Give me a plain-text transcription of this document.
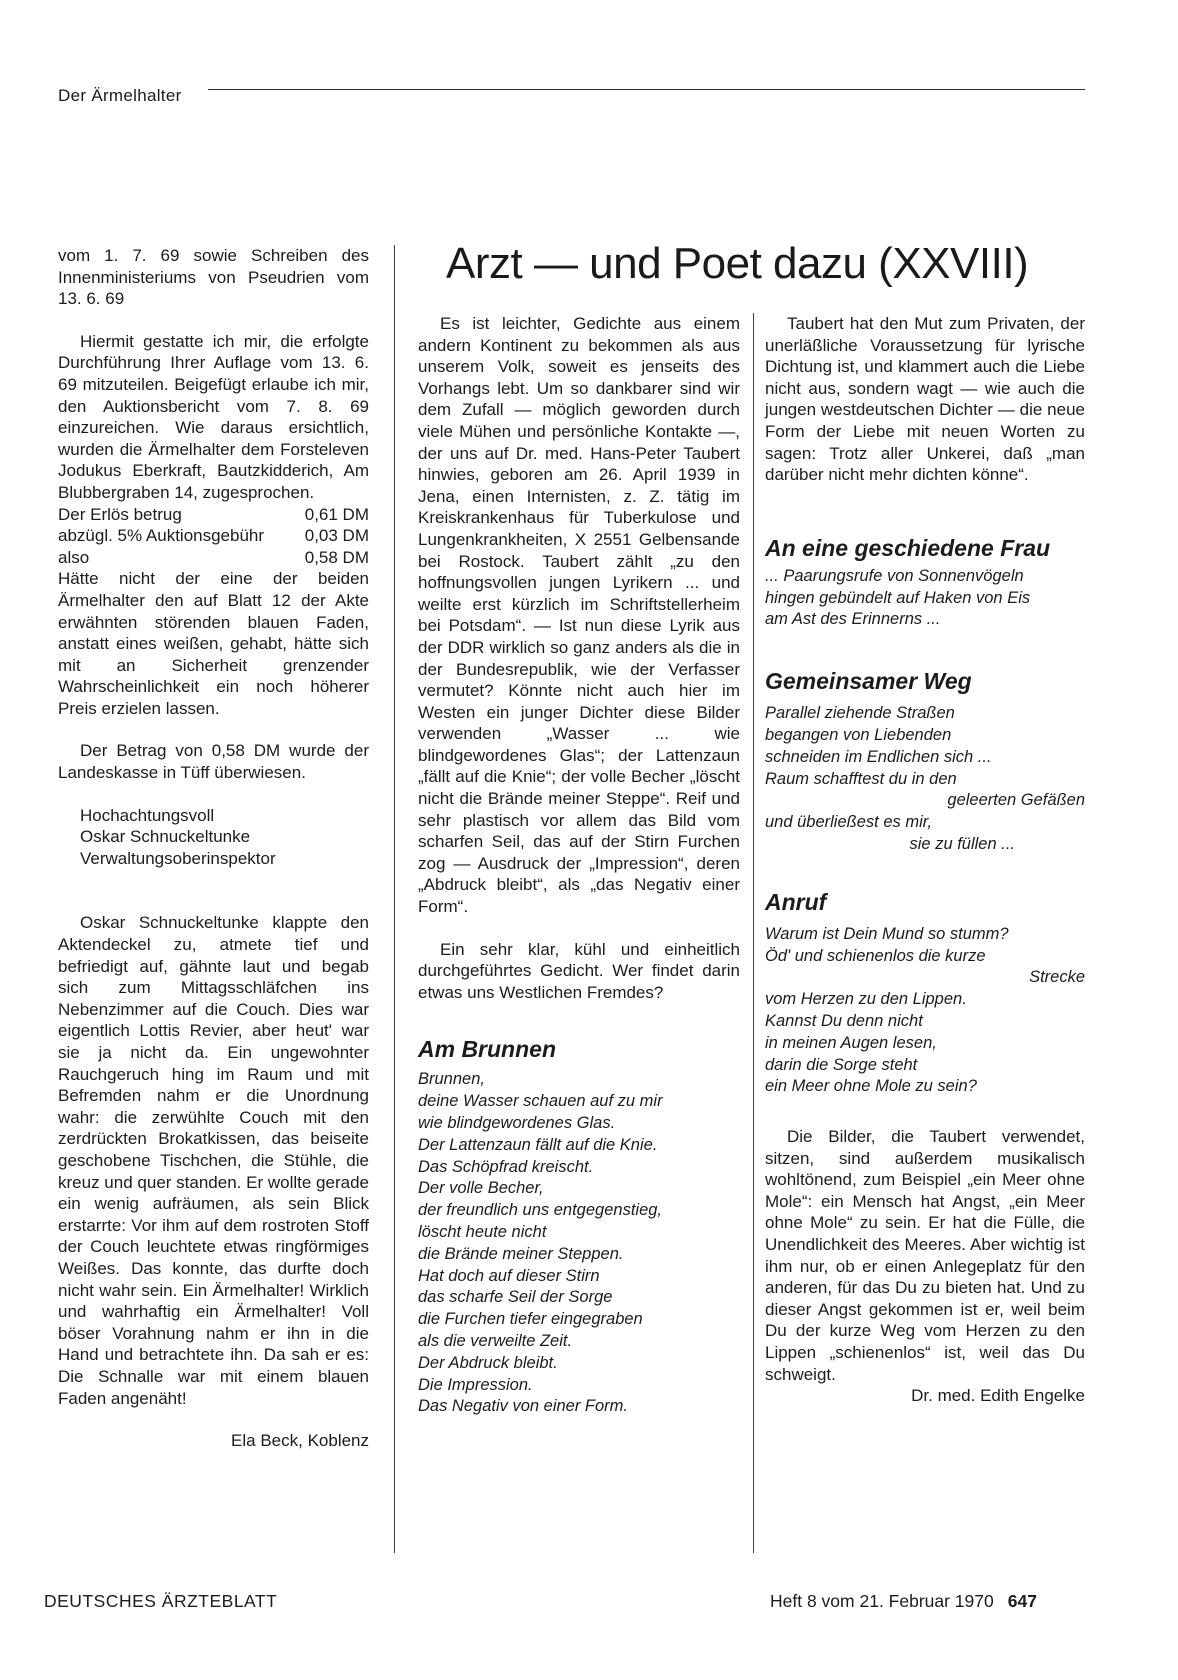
Der Ärmelhalter
Arzt — und Poet dazu (XXVIII)

vom 1. 7. 69 sowie Schreiben des Innenministeriums von Pseudrien vom 13. 6. 69

Hiermit gestatte ich mir, die erfolgte Durchführung Ihrer Auflage vom 13. 6. 69 mitzuteilen. Beigefügt erlaube ich mir, den Auktionsbericht vom 7. 8. 69 einzureichen. Wie daraus ersichtlich, wurden die Ärmelhalter dem Forsteleven Jodukus Eberkraft, Bautzkidderich, Am Blubbergraben 14, zugesprochen.

Der Erlös betrug	0,61 DM
abzügl. 5% Auktionsgebühr 0,03 DM
also	0,58 DM

Hätte nicht der eine der beiden Ärmelhalter den auf Blatt 12 der Akte erwähnten störenden blauen Faden, anstatt eines weißen, gehabt, hätte sich mit an Sicherheit grenzender Wahrscheinlichkeit ein noch höherer Preis erzielen lassen.

Der Betrag von 0,58 DM wurde der Landeskasse in Tüff überwiesen.

Hochachtungsvoll
Oskar Schnuckeltunke
Verwaltungsoberinspektor

Oskar Schnuckeltunke klappte den Aktendeckel zu, atmete tief und befriedigt auf, gähnte laut und begab sich zum Mittagsschläfchen ins Nebenzimmer auf die Couch. Dies war eigentlich Lottis Revier, aber heut' war sie ja nicht da. Ein ungewohnter Rauchgeruch hing im Raum und mit Befremden nahm er die Unordnung wahr: die zerwühlte Couch mit den zerdrückten Brokatkissen, das beiseite geschobene Tischchen, die Stühle, die kreuz und quer standen. Er wollte gerade ein wenig aufräumen, als sein Blick erstarrte: Vor ihm auf dem rostroten Stoff der Couch leuchtete etwas ringförmiges Weißes. Das konnte, das durfte doch nicht wahr sein. Ein Ärmelhalter! Wirklich und wahrhaftig ein Ärmelhalter! Voll böser Vorahnung nahm er ihn in die Hand und betrachtete ihn. Da sah er es: Die Schnalle war mit einem blauen Faden angenäht!

Ela Beck, Koblenz

Es ist leichter, Gedichte aus einem andern Kontinent zu bekommen als aus unserem Volk, soweit es jenseits des Vorhangs lebt. Um so dankbarer sind wir dem Zufall — möglich geworden durch viele Mühen und persönliche Kontakte —, der uns auf Dr. med. Hans-Peter Taubert hinwies, geboren am 26. April 1939 in Jena, einen Internisten, z. Z. tätig im Kreiskrankenhaus für Tuberkulose und Lungenkrankheiten, X 2551 Gelbensande bei Rostock. Taubert zählt „zu den hoffnungsvollen jungen Lyrikern ... und weilte erst kürzlich im Schriftstellerheim bei Potsdam“. — Ist nun diese Lyrik aus der DDR wirklich so ganz anders als die in der Bundesrepublik, wie der Verfasser vermutet? Könnte nicht auch hier im Westen ein junger Dichter diese Bilder verwenden „Wasser ... wie blindgewordenes Glas“; der Lattenzaun „fällt auf die Knie“; der volle Becher „löscht nicht die Brände meiner Steppe“. Reif und sehr plastisch vor allem das Bild vom scharfen Seil, das auf der Stirn Furchen zog — Ausdruck der „Impression“, deren „Abdruck bleibt“, als „das Negativ einer Form“.

Ein sehr klar, kühl und einheitlich durchgeführtes Gedicht. Wer findet darin etwas uns Westlichen Fremdes?

Am Brunnen
Brunnen,
deine Wasser schauen auf zu mir
wie blindgewordenes Glas.
Der Lattenzaun fällt auf die Knie.
Das Schöpfrad kreischt.
Der volle Becher,
der freundlich uns entgegenstieg,
löscht heute nicht
die Brände meiner Steppen.
Hat doch auf dieser Stirn
das scharfe Seil der Sorge
die Furchen tiefer eingegraben
als die verweilte Zeit.
Der Abdruck bleibt.
Die Impression.
Das Negativ von einer Form.

Taubert hat den Mut zum Privaten, der unerläßliche Voraussetzung für lyrische Dichtung ist, und klammert auch die Liebe nicht aus, sondern wagt — wie auch die jungen westdeutschen Dichter — die neue Form der Liebe mit neuen Worten zu sagen: Trotz aller Unkerei, daß „man darüber nicht mehr dichten könne“.

An eine geschiedene Frau
... Paarungsrufe von Sonnenvögeln
hingen gebündelt auf Haken von Eis
am Ast des Erinnerns ...
Gemeinsamer Weg
Parallel ziehende Straßen
begangen von Liebenden
schneiden im Endlichen sich ...
Raum schafftest du in den
geleerten Gefäßen
und überließest es mir,
sie zu füllen ...
Anruf
Warum ist Dein Mund so stumm?
Öd' und schienenlos die kurze
Strecke
vom Herzen zu den Lippen.
Kannst Du denn nicht
in meinen Augen lesen,
darin die Sorge steht
ein Meer ohne Mole zu sein?

Die Bilder, die Taubert verwendet, sitzen, sind außerdem musikalisch wohltönend, zum Beispiel „ein Meer ohne Mole“: ein Mensch hat Angst, „ein Meer ohne Mole“ zu sein. Er hat die Fülle, die Unendlichkeit des Meeres. Aber wichtig ist ihm nur, ob er einen Anlegeplatz für den anderen, für das Du zu bieten hat. Und zu dieser Angst gekommen ist er, weil beim Du der kurze Weg vom Herzen zu den Lippen „schienenlos“ ist, weil das Du schweigt.

Dr. med. Edith Engelke

DEUTSCHES ÄRZTEBLATT	Heft 8 vom 21. Februar 1970 647
